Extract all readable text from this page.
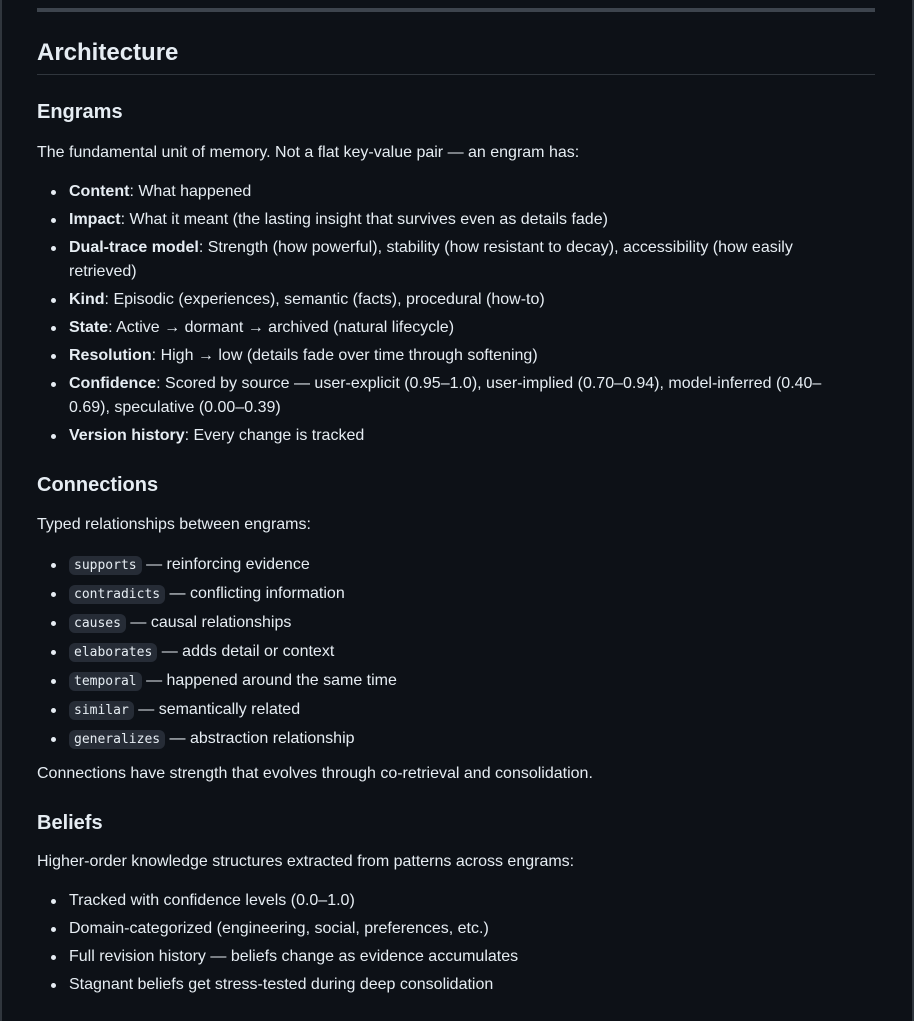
Architecture
Engrams

The fundamental unit of memory. Not a flat key-value pair — an engram has:

Content: What happened
Impact: What it meant (the lasting insight that survives even as details fade)
Dual-trace model: Strength (how powerful), stability (how resistant to decay), accessibility (how easily retrieved)
Kind: Episodic (experiences), semantic (facts), procedural (how-to)
State: Active → dormant → archived (natural lifecycle)
Resolution: High → low (details fade over time through softening)
Confidence: Scored by source — user-explicit (0.95–1.0), user-implied (0.70–0.94), model-inferred (0.40–0.69), speculative (0.00–0.39)
Version history: Every change is tracked
Connections

Typed relationships between engrams:

supports — reinforcing evidence
contradicts — conflicting information
causes — causal relationships
elaborates — adds detail or context
temporal — happened around the same time
similar — semantically related
generalizes — abstraction relationship

Connections have strength that evolves through co-retrieval and consolidation.

Beliefs

Higher-order knowledge structures extracted from patterns across engrams:

Tracked with confidence levels (0.0–1.0)
Domain-categorized (engineering, social, preferences, etc.)
Full revision history — beliefs change as evidence accumulates
Stagnant beliefs get stress-tested during deep consolidation
